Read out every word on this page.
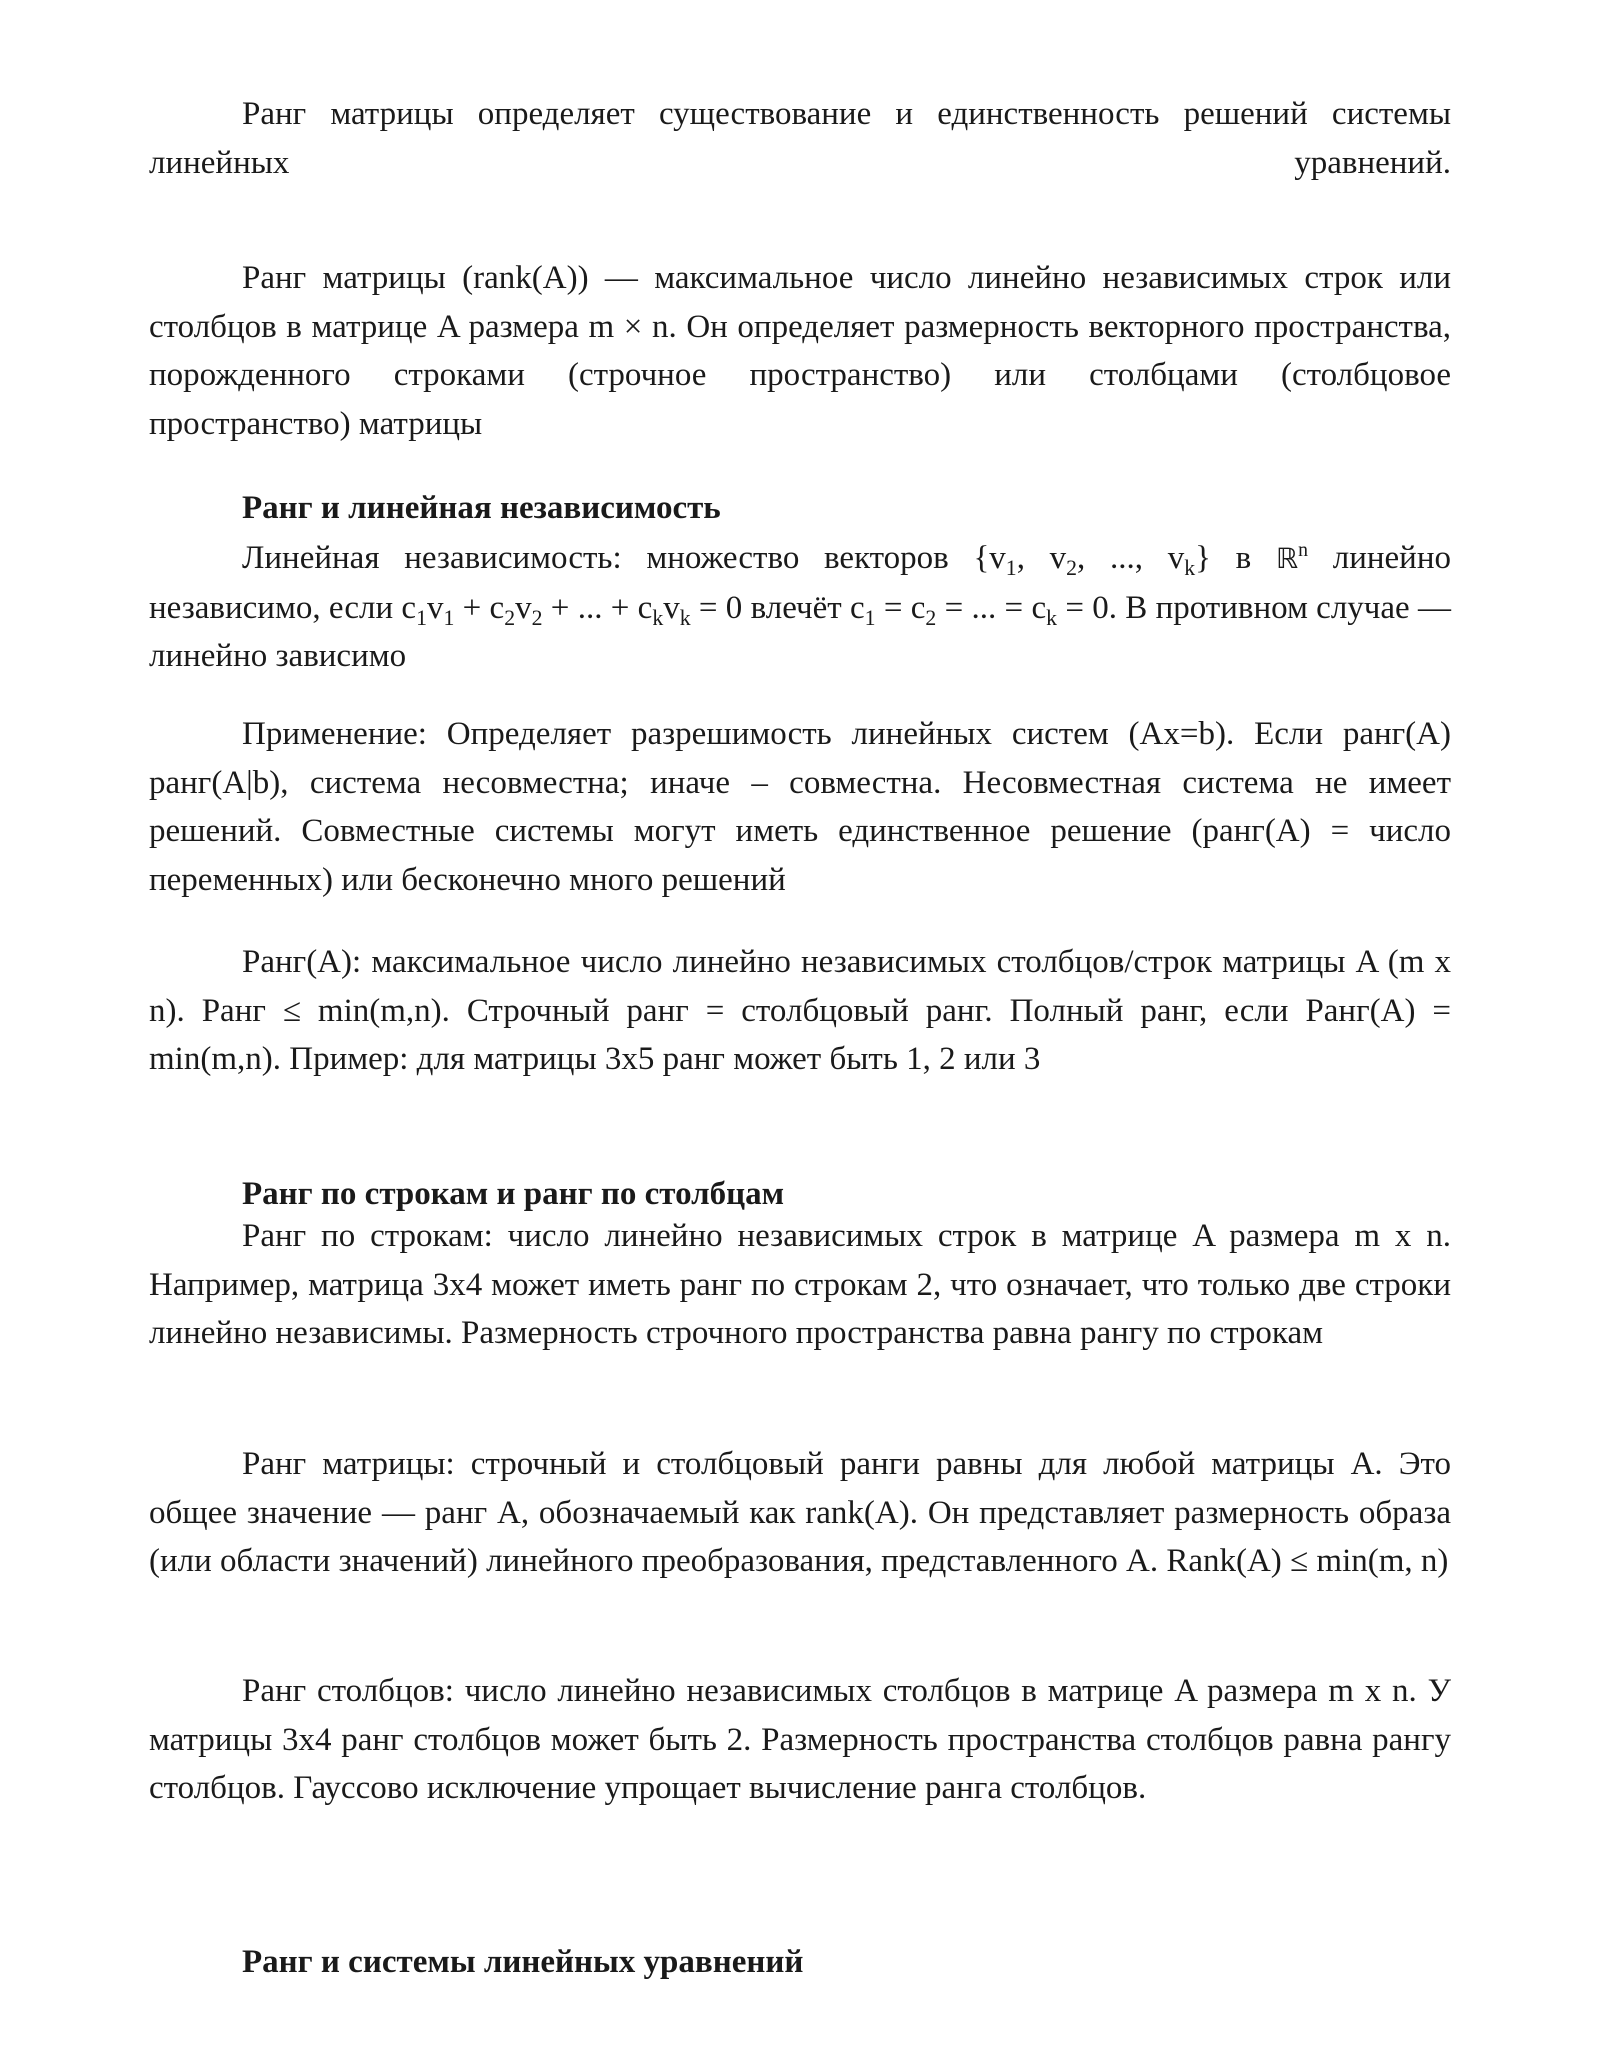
Ранг матрицы определяет существование и единственность решений системы линейных уравнений.

Ранг матрицы (rank(A)) — максимальное число линейно независимых строк или столбцов в матрице A размера m × n. Он определяет размерность векторного пространства, порожденного строками (строчное пространство) или столбцами (столбцовое пространство) матрицы

Ранг и линейная независимость

Линейная независимость: множество векторов {$v_1$, $v_2$, ..., $v_k$} в ℝ$^n$ линейно независимо, если $c_1v_1 + c_2v_2$ + ... + $c_kv_k = 0$ влечёт $c_1 = c_2$ = ... = $c_k = 0$. В противном случае — линейно зависимо

Применение: Определяет разрешимость линейных систем (Ax=b). Если ранг(A) ранг(A|b), система несовместна; иначе – совместна. Несовместная система не имеет решений. Совместные системы могут иметь единственное решение (ранг(A) = число переменных) или бесконечно много решений

Ранг(A): максимальное число линейно независимых столбцов/строк матрицы A (m x n). Ранг ≤ min(m,n). Строчный ранг = столбцовый ранг. Полный ранг, если Ранг(A) = min(m,n). Пример: для матрицы 3x5 ранг может быть 1, 2 или 3

Ранг по строкам и ранг по столбцам

Ранг по строкам: число линейно независимых строк в матрице A размера m x n. Например, матрица 3x4 может иметь ранг по строкам 2, что означает, что только две строки линейно независимы. Размерность строчного пространства равна рангу по строкам

Ранг матрицы: строчный и столбцовый ранги равны для любой матрицы A. Это общее значение — ранг A, обозначаемый как rank(A). Он представляет размерность образа (или области значений) линейного преобразования, представленного A. Rank(A) ≤ min(m, n)

Ранг столбцов: число линейно независимых столбцов в матрице A размера m x n. У матрицы 3x4 ранг столбцов может быть 2. Размерность пространства столбцов равна рангу столбцов. Гауссово исключение упрощает вычисление ранга столбцов.

Ранг и системы линейных уравнений
